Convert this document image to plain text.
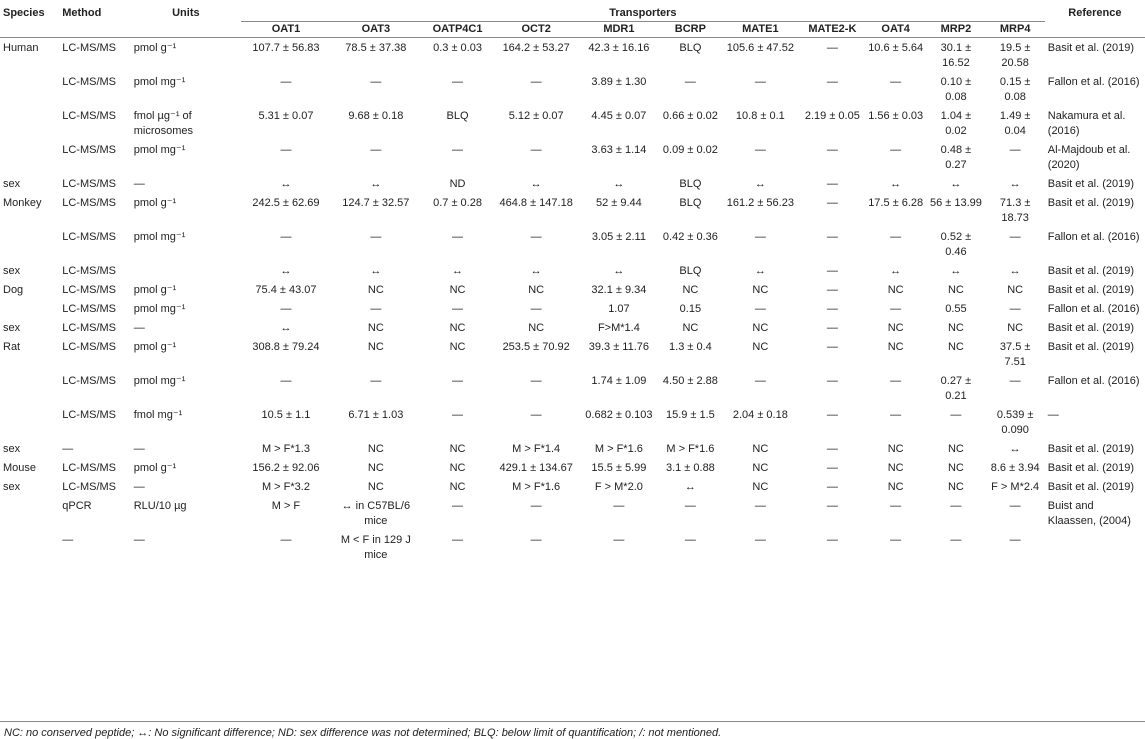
Species	Method	Units	Transporters											Reference
			OAT1	OAT3	OATP4C1	OCT2	MDR1	BCRP	MATE1	MATE2-K	OAT4	MRP2	MRP4	
Human	LC-MS/MS	pmol g⁻¹	107.7 ± 56.83	78.5 ± 37.38	0.3 ± 0.03	164.2 ± 53.27	42.3 ± 16.16	BLQ	105.6 ± 47.52	—	10.6 ± 5.64	30.1 ± 16.52	19.5 ± 20.58	Basit et al. (2019)
	LC-MS/MS	pmol mg⁻¹	—	—	—	—	3.89 ± 1.30	—	—	—	—	0.10 ± 0.08	0.15 ± 0.08	Fallon et al. (2016)
	LC-MS/MS	fmol µg⁻¹ of microsomes	5.31 ± 0.07	9.68 ± 0.18	BLQ	5.12 ± 0.07	4.45 ± 0.07	0.66 ± 0.02	10.8 ± 0.1	2.19 ± 0.05	1.56 ± 0.03	1.04 ± 0.02	1.49 ± 0.04	Nakamura et al. (2016)
	LC-MS/MS	pmol mg⁻¹	—	—	—	—	3.63 ± 1.14	0.09 ± 0.02	—	—	—	0.48 ± 0.27	—	Al-Majdoub et al. (2020)
sex	LC-MS/MS	—	↔	↔	ND	↔	↔	BLQ	↔	—	↔	↔	↔	Basit et al. (2019)
Monkey	LC-MS/MS	pmol g⁻¹	242.5 ± 62.69	124.7 ± 32.57	0.7 ± 0.28	464.8 ± 147.18	52 ± 9.44	BLQ	161.2 ± 56.23	—	17.5 ± 6.28	56 ± 13.99	71.3 ± 18.73	Basit et al. (2019)
	LC-MS/MS	pmol mg⁻¹	—	—	—	—	3.05 ± 2.11	0.42 ± 0.36	—	—	—	0.52 ± 0.46	—	Fallon et al. (2016)
sex	LC-MS/MS		↔	↔	↔	↔	↔	BLQ	↔	—	↔	↔	↔	Basit et al. (2019)
Dog	LC-MS/MS	pmol g⁻¹	75.4 ± 43.07	NC	NC	NC	32.1 ± 9.34	NC	NC	—	NC	NC	NC	Basit et al. (2019)
	LC-MS/MS	pmol mg⁻¹	—	—	—	—	1.07	0.15	—	—	—	0.55	—	Fallon et al. (2016)
sex	LC-MS/MS	—	↔	NC	NC	NC	F>M*1.4	NC	NC	—	NC	NC	NC	Basit et al. (2019)
Rat	LC-MS/MS	pmol g⁻¹	308.8 ± 79.24	NC	NC	253.5 ± 70.92	39.3 ± 11.76	1.3 ± 0.4	NC	—	NC	NC	37.5 ± 7.51	Basit et al. (2019)
	LC-MS/MS	pmol mg⁻¹	—	—	—	—	1.74 ± 1.09	4.50 ± 2.88	—	—	—	0.27 ± 0.21	—	Fallon et al. (2016)
	LC-MS/MS	fmol mg⁻¹	10.5 ± 1.1	6.71 ± 1.03	—	—	0.682 ± 0.103	15.9 ± 1.5	2.04 ± 0.18	—	—	—	0.539 ± 0.090	—
sex	—	—	M > F*1.3	NC	NC	M > F*1.4	M > F*1.6	M > F*1.6	NC	—	NC	NC	↔	Basit et al. (2019)
Mouse	LC-MS/MS	pmol g⁻¹	156.2 ± 92.06	NC	NC	429.1 ± 134.67	15.5 ± 5.99	3.1 ± 0.88	NC	—	NC	NC	8.6 ± 3.94	Basit et al. (2019)
sex	LC-MS/MS	—	M > F*3.2	NC	NC	M > F*1.6	F > M*2.0	↔	NC	—	NC	NC	F > M*2.4	Basit et al. (2019)
	qPCR	RLU/10 µg	M > F	↔ in C57BL/6 mice	—	—	—	—	—	—	—	—	—	Buist and Klaassen, (2004)
	—	—	—	M < F in 129 J mice	—	—	—	—	—	—	—	—	—	
NC: no conserved peptide; ↔: No significant difference; ND: sex difference was not determined; BLQ: below limit of quantification; /: not mentioned.
